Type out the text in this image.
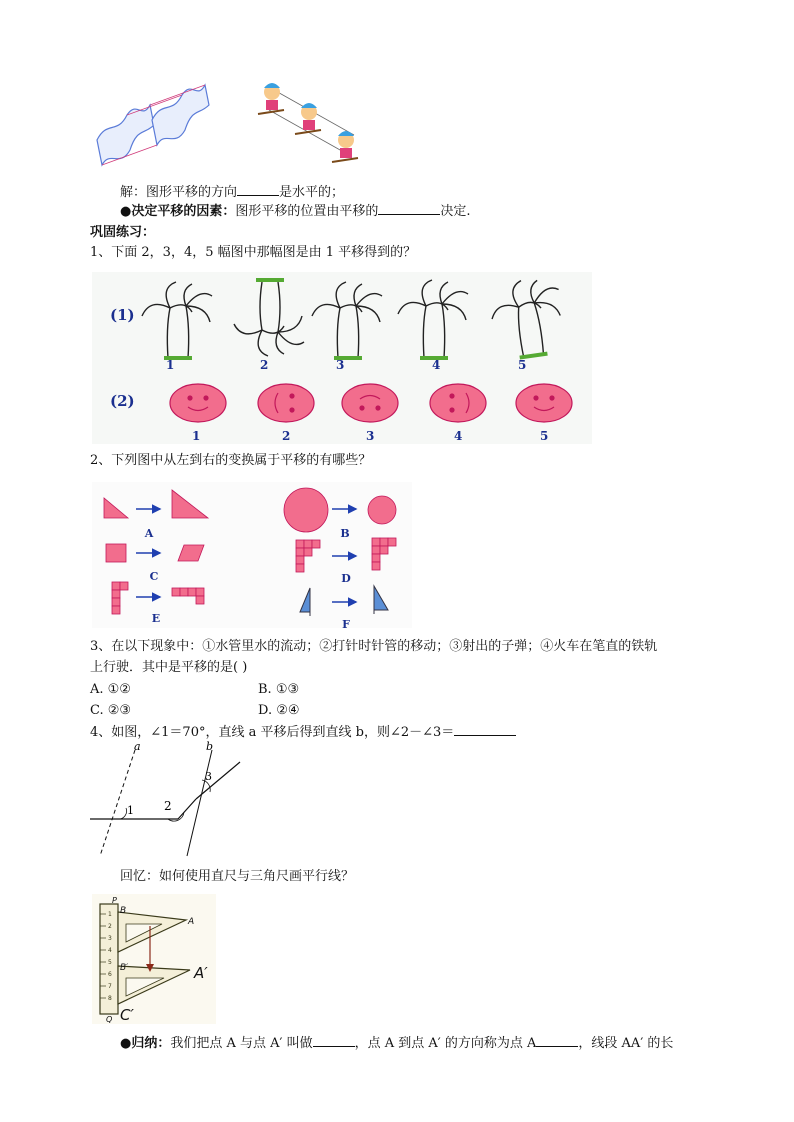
解：图形平移的方向	是水平的；
●决定平移的因素：图形平移的位置由平移的	决定.
巩固练习：
1、下面 2，3，4，5 幅图中那幅图是由 1 平移得到的？
(1)
(2)
1	2	3	4	5
1	2	3	4	5
2、下列图中从左到右的变换属于平移的有哪些？
A	B
C	D
E	F
3、在以下现象中：①水管里水的流动；②打针时针管的移动；③射出的子弹；④火车在笔直的铁轨
上行驶．其中是平移的是( )
A. ①②	B. ①③
C. ②③	D. ②④
4、如图，∠1＝70°，直线 a 平移后得到直线 b，则∠2－∠3＝
a	b
1	2
3
回忆：如何使用直尺与三角尺画平行线？
1
2
3
4
5
6
7
8
P
B
A
B′	A′
C′
Q
●归纳：我们把点 A 与点 A′ 叫做	，点 A 到点 A′ 的方向称为点 A	，线段 AA′ 的长
